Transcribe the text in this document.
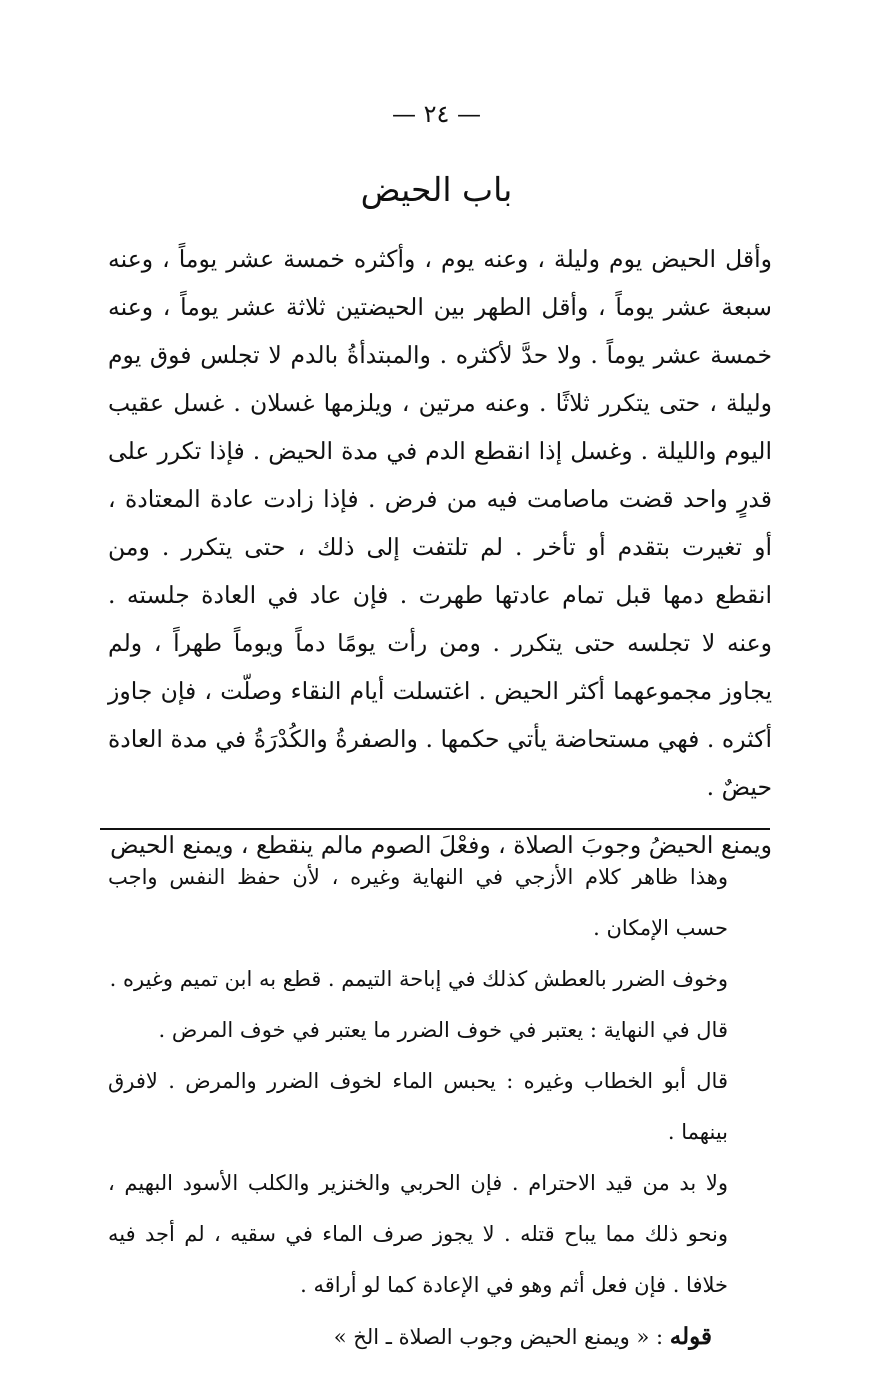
— ٢٤ —
باب الحيض

وأقل الحيض يوم وليلة ، وعنه يوم ، وأكثره خمسة عشر يوماً ، وعنه سبعة عشر يوماً ، وأقل الطهر بين الحيضتين ثلاثة عشر يوماً ، وعنه خمسة عشر يوماً . ولا حدَّ لأكثره . والمبتدأةُ بالدم لا تجلس فوق يوم وليلة ، حتى يتكرر ثلاثًا . وعنه مرتين ، ويلزمها غسلان . غسل عقيب اليوم والليلة . وغسل إذا انقطع الدم في مدة الحيض . فإذا تكرر على قدرٍ واحد قضت ماصامت فيه من فرض . فإذا زادت عادة المعتادة ، أو تغيرت بتقدم أو تأخر . لم تلتفت إلى ذلك ، حتى يتكرر . ومن انقطع دمها قبل تمام عادتها طهرت . فإن عاد في العادة جلسته . وعنه لا تجلسه حتى يتكرر . ومن رأت يومًا دماً ويوماً طهراً ، ولم يجاوز مجموعهما أكثر الحيض . اغتسلت أيام النقاء وصلّت ، فإن جاوز أكثره . فهي مستحاضة يأتي حكمها . والصفرةُ والكُدْرَةُ في مدة العادة حيضٌ .

ويمنع الحيضُ وجوبَ الصلاة ، وفعْلَ الصوم مالم ينقطع ، ويمنع الحيض

وهذا ظاهر كلام الأزجي في النهاية وغيره ، لأن حفظ النفس واجب حسب الإمكان .

وخوف الضرر بالعطش كذلك في إباحة التيمم . قطع به ابن تميم وغيره .

قال في النهاية : يعتبر في خوف الضرر ما يعتبر في خوف المرض .

قال أبو الخطاب وغيره : يحبس الماء لخوف الضرر والمرض . لافرق بينهما .

ولا بد من قيد الاحترام . فإن الحربي والخنزير والكلب الأسود البهيم ، ونحو ذلك مما يباح قتله . لا يجوز صرف الماء في سقيه ، لم أجد فيه خلافا . فإن فعل أثم وهو في الإعادة كما لو أراقه .

قوله : « ويمنع الحيض وجوب الصلاة ـ الخ »
